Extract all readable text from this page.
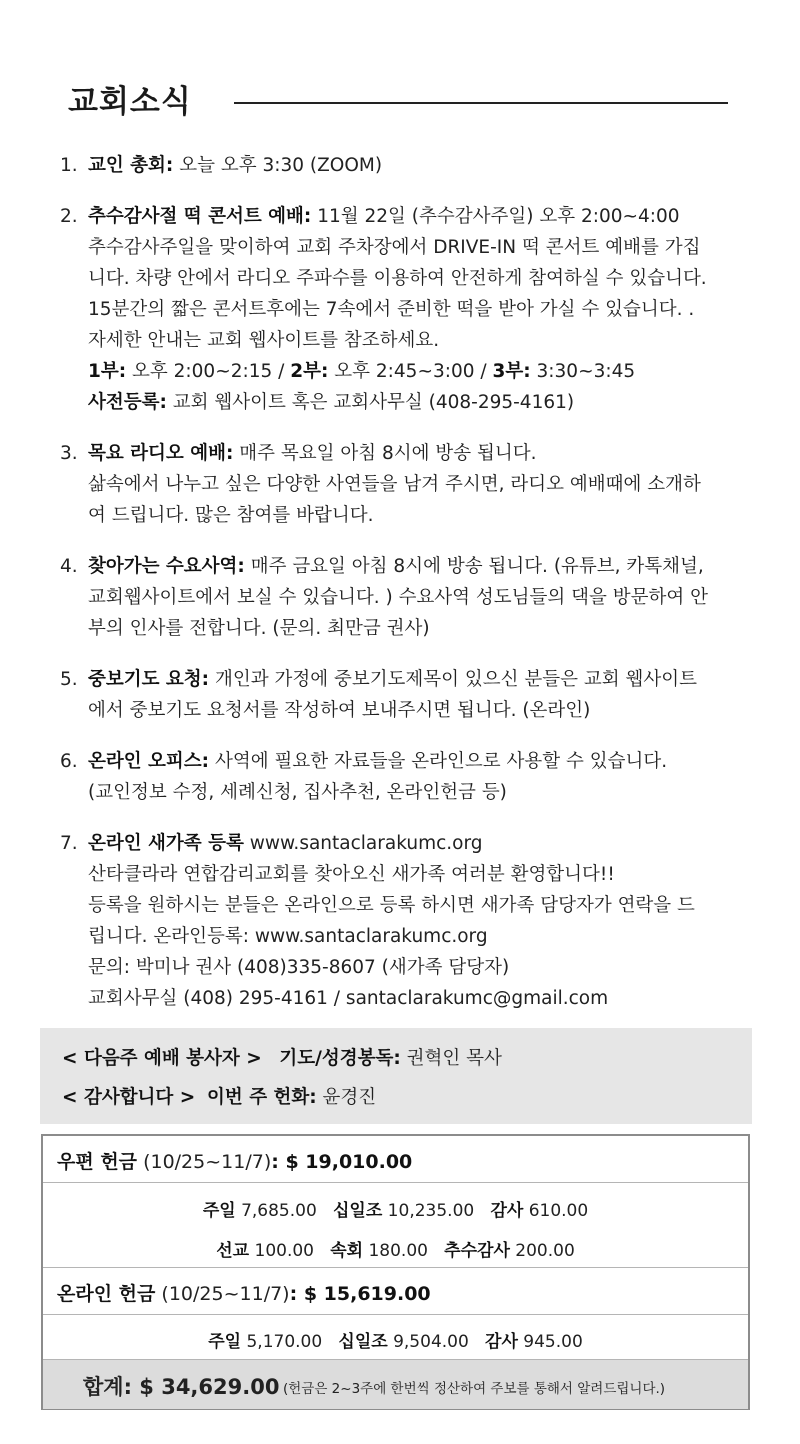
교회소식
1. 교인 총회: 오늘 오후 3:30 (ZOOM)
2. 추수감사절 떡 콘서트 예배: 11월 22일 (추수감사주일) 오후 2:00~4:00
추수감사주일을 맞이하여 교회 주차장에서 DRIVE-IN 떡 콘서트 예배를 가집
니다. 차량 안에서 라디오 주파수를 이용하여 안전하게 참여하실 수 있습니다.
15분간의 짧은 콘서트후에는 7속에서 준비한 떡을 받아 가실 수 있습니다. .
자세한 안내는 교회 웹사이트를 참조하세요.
1부: 오후 2:00~2:15 / 2부: 오후 2:45~3:00 / 3부: 3:30~3:45
사전등록: 교회 웹사이트 혹은 교회사무실 (408-295-4161)
3. 목요 라디오 예배: 매주 목요일 아침 8시에 방송 됩니다.
삶속에서 나누고 싶은 다양한 사연들을 남겨 주시면, 라디오 예배때에 소개하
여 드립니다. 많은 참여를 바랍니다.
4. 찾아가는 수요사역: 매주 금요일 아침 8시에 방송 됩니다. (유튜브, 카톡채널,
교회웹사이트에서 보실 수 있습니다. ) 수요사역 성도님들의 댁을 방문하여 안
부의 인사를 전합니다. (문의. 최만금 권사)
5. 중보기도 요청: 개인과 가정에 중보기도제목이 있으신 분들은 교회 웹사이트
에서 중보기도 요청서를 작성하여 보내주시면 됩니다. (온라인)
6. 온라인 오피스: 사역에 필요한 자료들을 온라인으로 사용할 수 있습니다.
(교인정보 수정, 세례신청, 집사추천, 온라인헌금 등)
7. 온라인 새가족 등록 www.santaclarakumc.org
산타클라라 연합감리교회를 찾아오신 새가족 여러분 환영합니다!!
등록을 원하시는 분들은 온라인으로 등록 하시면 새가족 담당자가 연락을 드
립니다. 온라인등록: www.santaclarakumc.org
문의: 박미나 권사 (408)335-8607 (새가족 담당자)
교회사무실 (408) 295-4161 / santaclarakumc@gmail.com
< 다음주 예배 봉사자 > 기도/성경봉독: 권혁인 목사
< 감사합니다 > 이번 주 헌화: 윤경진
우편 헌금 (10/25~11/7): $ 19,010.00
주일 7,685.00 십일조 10,235.00 감사 610.00
선교 100.00 속회 180.00 추수감사 200.00
온라인 헌금 (10/25~11/7): $ 15,619.00
주일 5,170.00 십일조 9,504.00 감사 945.00
합계: $ 34,629.00 (헌금은 2~3주에 한번씩 정산하여 주보를 통해서 알려드립니다.)
